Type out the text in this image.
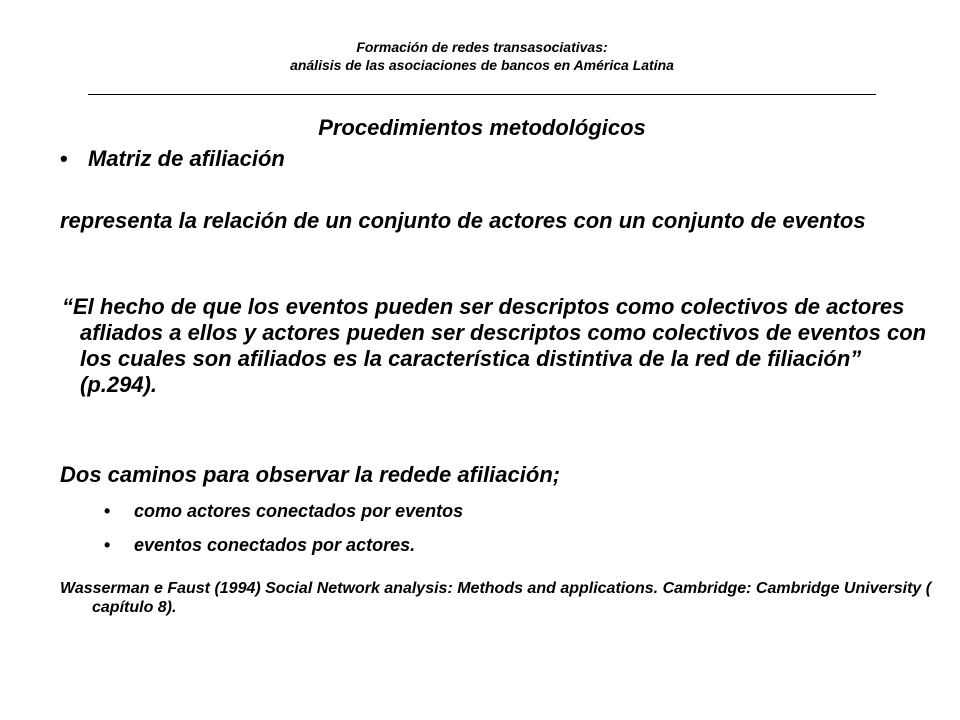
Formación de redes transasociativas:
análisis de las asociaciones de bancos en América Latina
Procedimientos metodológicos
• Matriz de afiliación
representa la relación de un conjunto de actores con un conjunto de eventos
“El hecho de que los eventos pueden ser descriptos como colectivos de actores afliados a ellos y actores pueden ser descriptos como colectivos de eventos con los cuales son afiliados es la característica distintiva de la red de filiación” (p.294).
Dos caminos para observar la redede afiliación;
• como actores conectados por eventos
• eventos conectados por actores.
Wasserman e Faust (1994) Social Network analysis: Methods and applications. Cambridge: Cambridge University ( capítulo 8).
